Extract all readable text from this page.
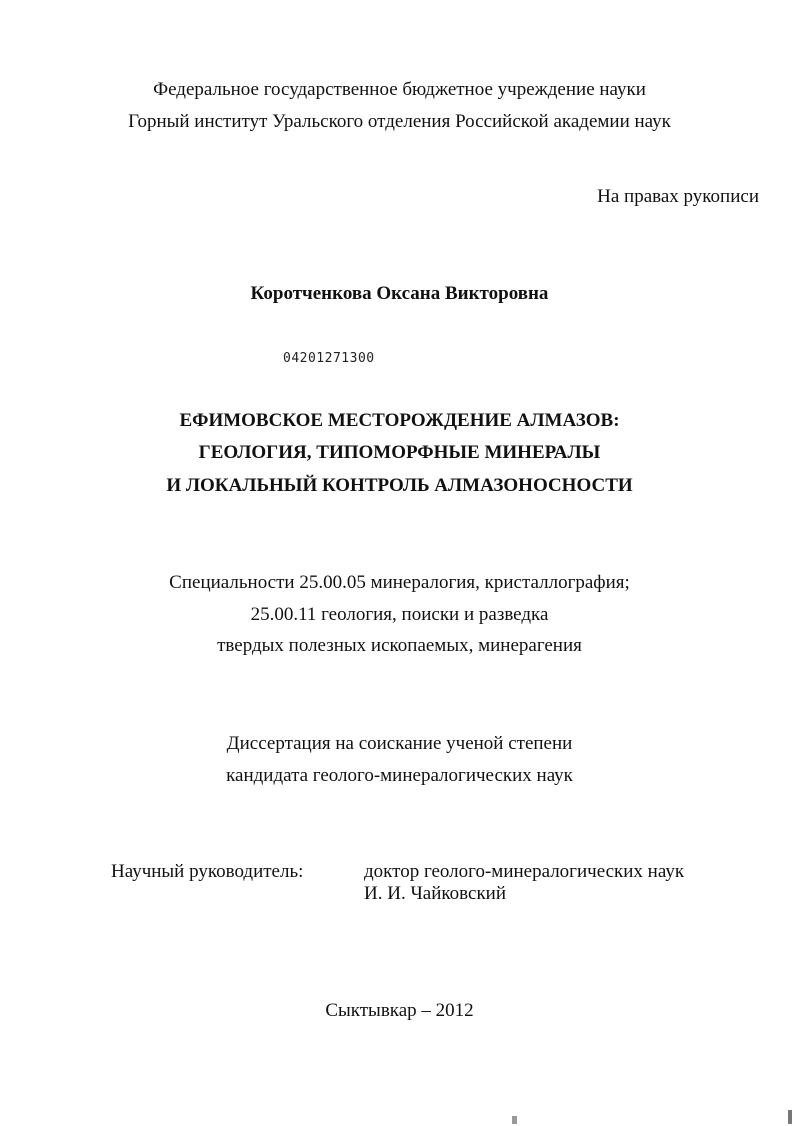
Федеральное государственное бюджетное учреждение науки
Горный институт Уральского отделения Российской академии наук
На правах рукописи
Коротченкова Оксана Викторовна
04201271300
ЕФИМОВСКОЕ МЕСТОРОЖДЕНИЕ АЛМАЗОВ:
ГЕОЛОГИЯ, ТИПОМОРФНЫЕ МИНЕРАЛЫ
И ЛОКАЛЬНЫЙ КОНТРОЛЬ АЛМАЗОНОСНОСТИ
Специальности 25.00.05 минералогия, кристаллография;
25.00.11 геология, поиски и разведка
твердых полезных ископаемых, минерагения
Диссертация на соискание ученой степени
кандидата геолого-минералогических наук
Научный руководитель:	доктор геолого-минералогических наук
И. И. Чайковский
Сыктывкар – 2012
